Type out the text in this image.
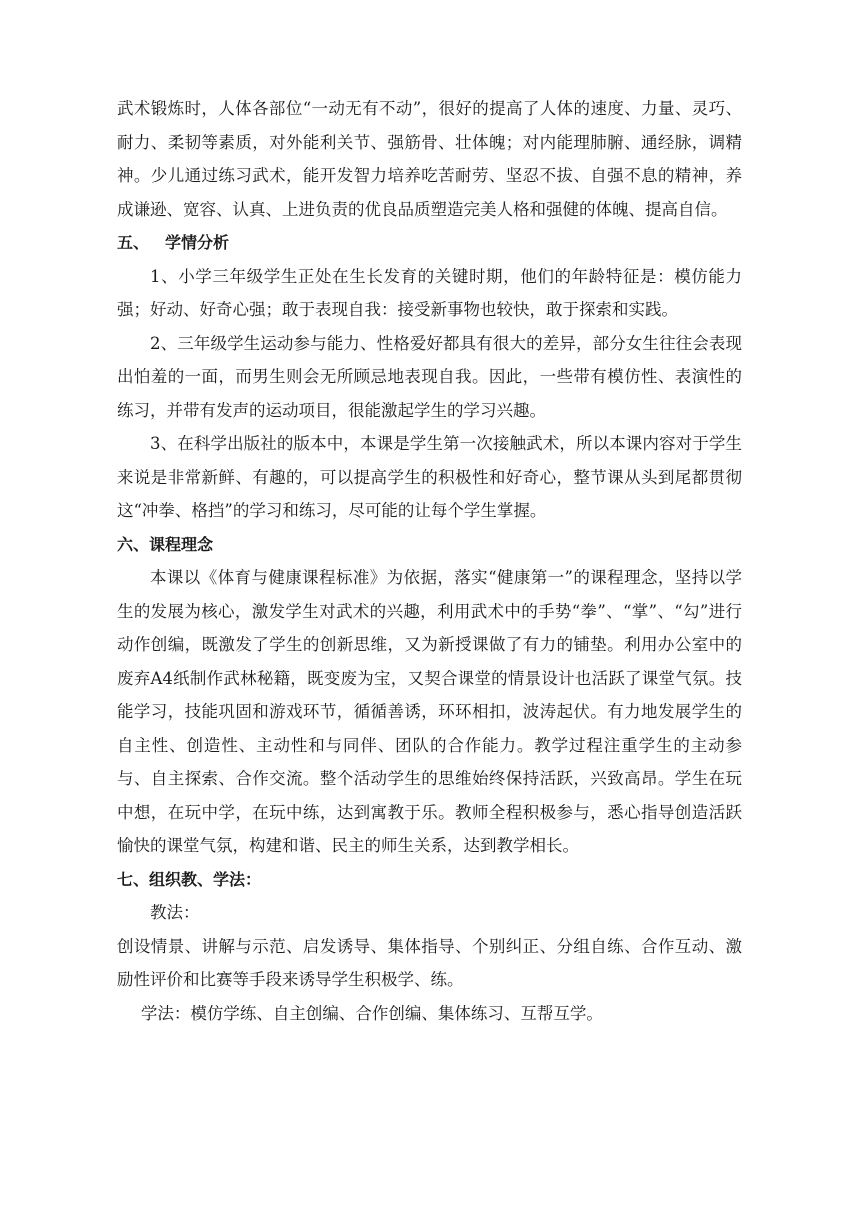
武术锻炼时，人体各部位“一动无有不动”，很好的提高了人体的速度、力量、灵巧、耐力、柔韧等素质，对外能利关节、强筋骨、壮体魄；对内能理肺腑、通经脉，调精神。少儿通过练习武术，能开发智力培养吃苦耐劳、坚忍不拔、自强不息的精神，养成谦逊、宽容、认真、上进负责的优良品质塑造完美人格和强健的体魄、提高自信。

五、 学情分析

1、小学三年级学生正处在生长发育的关键时期，他们的年龄特征是：模仿能力强；好动、好奇心强；敢于表现自我：接受新事物也较快，敢于探索和实践。

2、三年级学生运动参与能力、性格爱好都具有很大的差异，部分女生往往会表现出怕羞的一面，而男生则会无所顾忌地表现自我。因此，一些带有模仿性、表演性的练习，并带有发声的运动项目，很能激起学生的学习兴趣。

3、在科学出版社的版本中，本课是学生第一次接触武术，所以本课内容对于学生来说是非常新鲜、有趣的，可以提高学生的积极性和好奇心，整节课从头到尾都贯彻这“冲拳、格挡”的学习和练习，尽可能的让每个学生掌握。

六、课程理念

本课以《体育与健康课程标准》为依据，落实“健康第一”的课程理念，坚持以学生的发展为核心，激发学生对武术的兴趣，利用武术中的手势“拳”、“掌”、“勾”进行动作创编，既激发了学生的创新思维，又为新授课做了有力的铺垫。利用办公室中的废弃A4纸制作武林秘籍，既变废为宝，又契合课堂的情景设计也活跃了课堂气氛。技能学习，技能巩固和游戏环节，循循善诱，环环相扣，波涛起伏。有力地发展学生的自主性、创造性、主动性和与同伴、团队的合作能力。教学过程注重学生的主动参与、自主探索、合作交流。整个活动学生的思维始终保持活跃，兴致高昂。学生在玩中想，在玩中学，在玩中练，达到寓教于乐。教师全程积极参与，悉心指导创造活跃愉快的课堂气氛，构建和谐、民主的师生关系，达到教学相长。

七、组织教、学法：

教法：

创设情景、讲解与示范、启发诱导、集体指导、个别纠正、分组自练、合作互动、激励性评价和比赛等手段来诱导学生积极学、练。

学法：模仿学练、自主创编、合作创编、集体练习、互帮互学。
